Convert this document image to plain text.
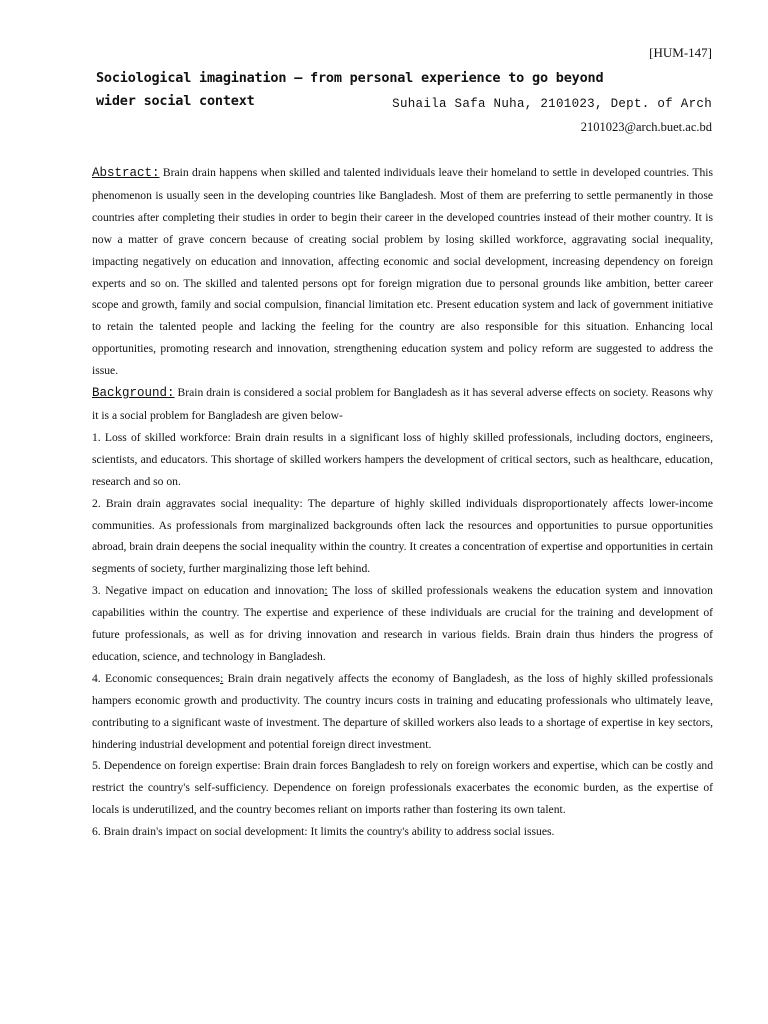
[HUM-147]
Sociological imagination – from personal experience to go beyond wider social context	Suhaila Safa Nuha, 2101023, Dept. of Arch
2101023@arch.buet.ac.bd

Abstract: Brain drain happens when skilled and talented individuals leave their homeland to settle in developed countries. This phenomenon is usually seen in the developing countries like Bangladesh. Most of them are preferring to settle permanently in those countries after completing their studies in order to begin their career in the developed countries instead of their mother country. It is now a matter of grave concern because of creating social problem by losing skilled workforce, aggravating social inequality, impacting negatively on education and innovation, affecting economic and social development, increasing dependency on foreign experts and so on. The skilled and talented persons opt for foreign migration due to personal grounds like ambition, better career scope and growth, family and social compulsion, financial limitation etc. Present education system and lack of government initiative to retain the talented people and lacking the feeling for the country are also responsible for this situation. Enhancing local opportunities, promoting research and innovation, strengthening education system and policy reform are suggested to address the issue.

Background: Brain drain is considered a social problem for Bangladesh as it has several adverse effects on society. Reasons why it is a social problem for Bangladesh are given below-

1. Loss of skilled workforce: Brain drain results in a significant loss of highly skilled professionals, including doctors, engineers, scientists, and educators. This shortage of skilled workers hampers the development of critical sectors, such as healthcare, education, research and so on.

2. Brain drain aggravates social inequality: The departure of highly skilled individuals disproportionately affects lower-income communities. As professionals from marginalized backgrounds often lack the resources and opportunities to pursue opportunities abroad, brain drain deepens the social inequality within the country. It creates a concentration of expertise and opportunities in certain segments of society, further marginalizing those left behind.

3. Negative impact on education and innovation: The loss of skilled professionals weakens the education system and innovation capabilities within the country. The expertise and experience of these individuals are crucial for the training and development of future professionals, as well as for driving innovation and research in various fields. Brain drain thus hinders the progress of education, science, and technology in Bangladesh.

4. Economic consequences: Brain drain negatively affects the economy of Bangladesh, as the loss of highly skilled professionals hampers economic growth and productivity. The country incurs costs in training and educating professionals who ultimately leave, contributing to a significant waste of investment. The departure of skilled workers also leads to a shortage of expertise in key sectors, hindering industrial development and potential foreign direct investment.

5. Dependence on foreign expertise: Brain drain forces Bangladesh to rely on foreign workers and expertise, which can be costly and restrict the country's self-sufficiency. Dependence on foreign professionals exacerbates the economic burden, as the expertise of locals is underutilized, and the country becomes reliant on imports rather than fostering its own talent.

6. Brain drain's impact on social development: It limits the country's ability to address social issues.
